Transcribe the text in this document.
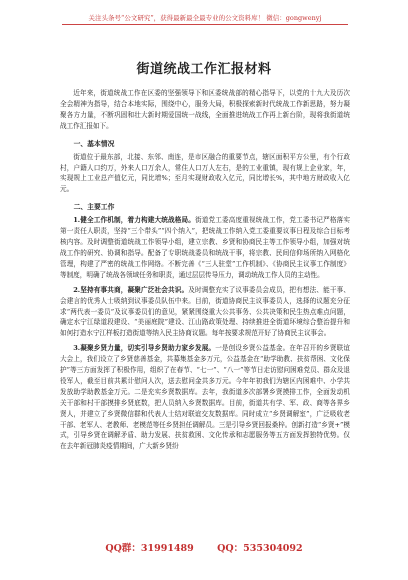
关注头条号“公文研究”，获得最新最全最专业的公文资料库！ 微信：gongwenyj
街道统战工作汇报材料

近年来，街道统战工作在区委的坚强领导下和区委统战部的精心指导下，以党的十九大及历次全会精神为指导，结合本地实际，围绕中心，服务大局，积极探索新时代统战工作新思路，努力凝聚各方力量，不断巩固和壮大新时期爱国统一战线，全面推进统战工作再上新台阶，现将我街道统战工作汇报如下。

一、基本情况

街道位于最东部，北接、东邻、南连，是市区融合的重要节点，辖区面积平方公里，有个行政村，户籍人口约万，外来人口万余人，常住人口万人左右，是的工业重镇，现有规上企业家，年，实现规上工业总产值亿元，同比增%；至月实现财政收入亿元，同比增长%，其中地方财政收入亿元。

二、主要工作

1.健全工作机制，着力构建大统战格局。街道党工委高度重视统战工作，党工委书记严格落实第一责任人职责，坚持“三个带头”“四个纳入”，把统战工作纳入党工委重要议事日程及综合目标考核内容。及时调整街道统战工作领导小组，建立宗教、乡贤和协商民主等工作领导小组，加强对统战工作的研究、协调和指导。配备了专职统战委员和统战干事，将宗教、民间信仰场所纳入网格化管理，构建了严密的统战工作网络。不断完善《“三人驻堂”工作机制》、《协商民主议事工作制度》等制度，明确了统战各领域任务和职责，通过层层传导压力，调动统战工作人员的主动性。

2.坚持有事共商，凝聚广泛社会共识。及时调整充实了议事委员会成员，把有想法、能干事、会建言的优秀人士吸纳到议事委员队伍中来。目前，街道协商民主议事委员人，选择的议题充分征求“两代表一委员”及议事委员们的意见，紧紧围绕重大公共事务、公共决策和民生热点难点问题，确定水宁江绿道段建设、“美丽庭院”建设、江山路政策处理、持续推进全街道环境综合整治提升和如何打造水宁江样板打造街道等纳入民主协商议题。每年按要求规范开好了协商民主议事会。

3.凝聚乡贤力量，切实引导乡贤助力家乡发展。一是创设乡贤公益基金。在年召开的乡贤联谊大会上，我们设立了乡贤慈善基金，共募集基金多万元，公益基金在“助学助教、扶贫帮困、文化保护”等三方面发挥了积极作用，组织了在春节、“七一”、“八一”等节日走访慰问困难党员、群众及退役军人，截至目前共累计慰问人次，送去慰问金共多万元。今年年初我们为辖区内困难中、小学共发放助学助教基金万元。二是充实乡贤数据库。去年，我街道多次部署乡贤摸排工作，全面发动机关干部和村干部摸排乡贤底数，把人员纳入乡贤数据库。目前，街道共有学、军、政、商等各界乡贤人，并建立了乡贤微信群和代表人士结对联谊交友数据库。同时成立“乡贤调解室”，广泛吸收老干部、老军人、老教师、老模范等任乡贤担任调解员。三是引导乡贤回报桑梓。创新打造“乡贤+”模式，引导乡贤在调解矛盾、助力发展、扶贫救困、文化传承和志愿服务等五方面发挥独特优势。仅在去年新冠肺炎疫情期间，广大新乡贤纷

QQ群：31991489 QQ：535304092
